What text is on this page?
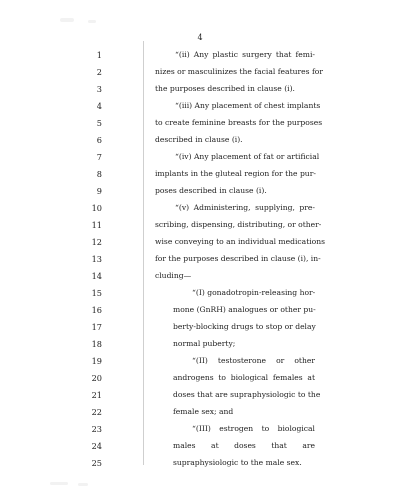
4
1
2
3
4
5
6
7
8
9
10
11
12
13
14
15
16
17
18
19
20
21
22
23
24
25
“(ii) Any plastic surgery that femi-
nizes or masculinizes the facial features for
the purposes described in clause (i).
“(iii) Any placement of chest implants
to create feminine breasts for the purposes
described in clause (i).
“(iv) Any placement of fat or artificial
implants in the gluteal region for the pur-
poses described in clause (i).
“(v) Administering, supplying, pre-
scribing, dispensing, distributing, or other-
wise conveying to an individual medications
for the purposes described in clause (i), in-
cluding—
“(I) gonadotropin-releasing hor-
mone (GnRH) analogues or other pu-
berty-blocking drugs to stop or delay
normal puberty;
“(II) testosterone or other
androgens to biological females at
doses that are supraphysiologic to the
female sex; and
“(III) estrogen to biological
males at doses that are
supraphysiologic to the male sex.
